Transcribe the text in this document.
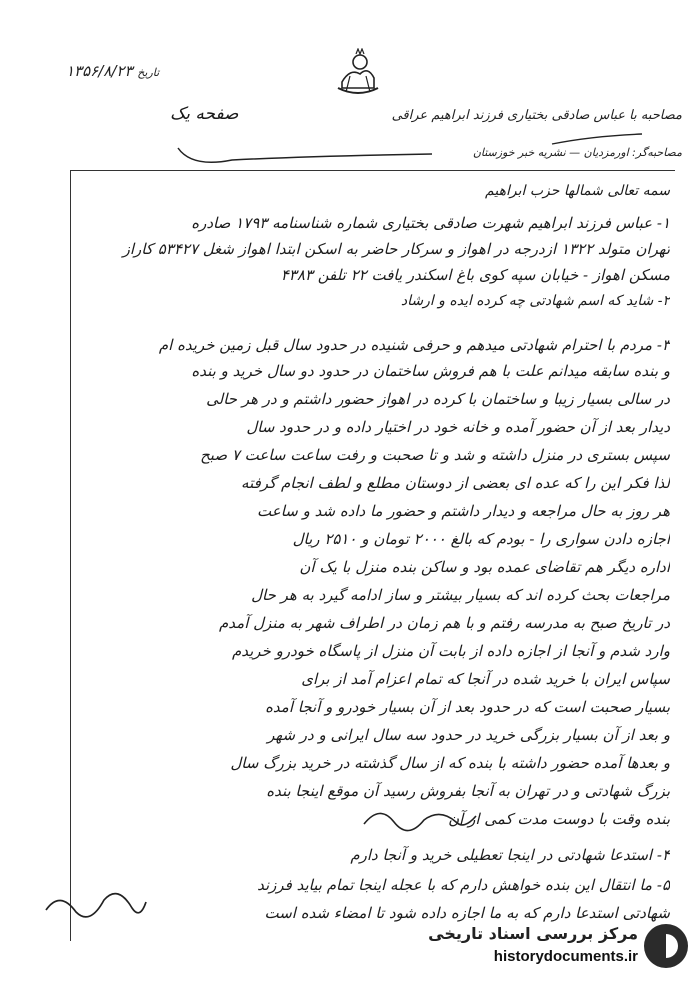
۱۳۵۶/۸/۲۳ تاریخ
مصاحبه با عباس صادقی بختیاری فرزند ابراهیم عراقی
صفحه یک
مصاحبه‌گر: اورمزدیان — نشریه خبر خوزستان
سمه تعالی شمالها حزب ابراهیم
۱- عباس فرزند ابراهیم شهرت صادقی بختیاری شماره شناسنامه ۱۷۹۳ صادره
تهران متولد ۱۳۲۲ ازدرجه در اهواز و سرکار حاضر به اسکن ابتدا اهواز شغل ۵۳۴۲۷ کاراز
مسکن اهواز - خیابان سپه کوی باغ اسکندر یافت ۲۲ تلفن ۴۳۸۳
۲- شاید که اسم شهادتی چه کرده ایده و ارشاد
۳- مردم با احترام شهادتی میدهم و حرفی شنیده در حدود سال قبل زمین خریده ام
و بنده سابقه میدانم علت با هم فروش ساختمان در حدود دو سال خرید و بنده
در سالی بسیار زیبا و ساختمان با کرده در اهواز حضور داشتم و در هر حالی
دیدار بعد از آن حضور آمده و خانه خود در اختیار داده و در حدود سال
سپس بستری در منزل داشته و شد و تا صحبت و رفت ساعت ساعت ۷ صبح
لذا فکر این را که عده ای بعضی از دوستان مطلع و لطف انجام گرفته
هر روز به حال مراجعه و دیدار داشتم و حضور ما داده شد و ساعت
اجازه دادن سواری را - بودم که بالغ ۲۰۰۰ تومان و ۲۵۱۰ ریال
اداره دیگر هم تقاضای عمده بود و ساکن بنده منزل با یک آن
مراجعات بحث کرده اند که بسیار بیشتر و ساز ادامه گیرد به هر حال
در تاریخ صبح به مدرسه رفتم و با هم زمان در اطراف شهر به منزل آمدم
وارد شدم و آنجا از اجازه داده از بابت آن منزل از پاسگاه خودرو خریدم
سپاس ایران با خرید شده در آنجا که تمام اعزام آمد از برای
بسیار صحبت است که در حدود بعد از آن بسیار خودرو و آنجا آمده
و بعد از آن بسیار بزرگی خرید در حدود سه سال ایرانی و در شهر
و بعدها آمده حضور داشته با بنده که از سال گذشته در خرید بزرگ سال
بزرگ شهادتی و در تهران به آنجا بفروش رسید آن موقع اینجا بنده
بنده وقت با دوست مدت کمی از آن
۴- استدعا شهادتی در اینجا تعطیلی خرید و آنجا دارم
۵- ما انتقال این بنده خواهش دارم که با عجله اینجا تمام بیاید فرزند
شهادتی استدعا دارم که به ما اجازه داده شود تا امضاء شده است
مرکز بررسی اسناد تاریخی
historydocuments.ir
